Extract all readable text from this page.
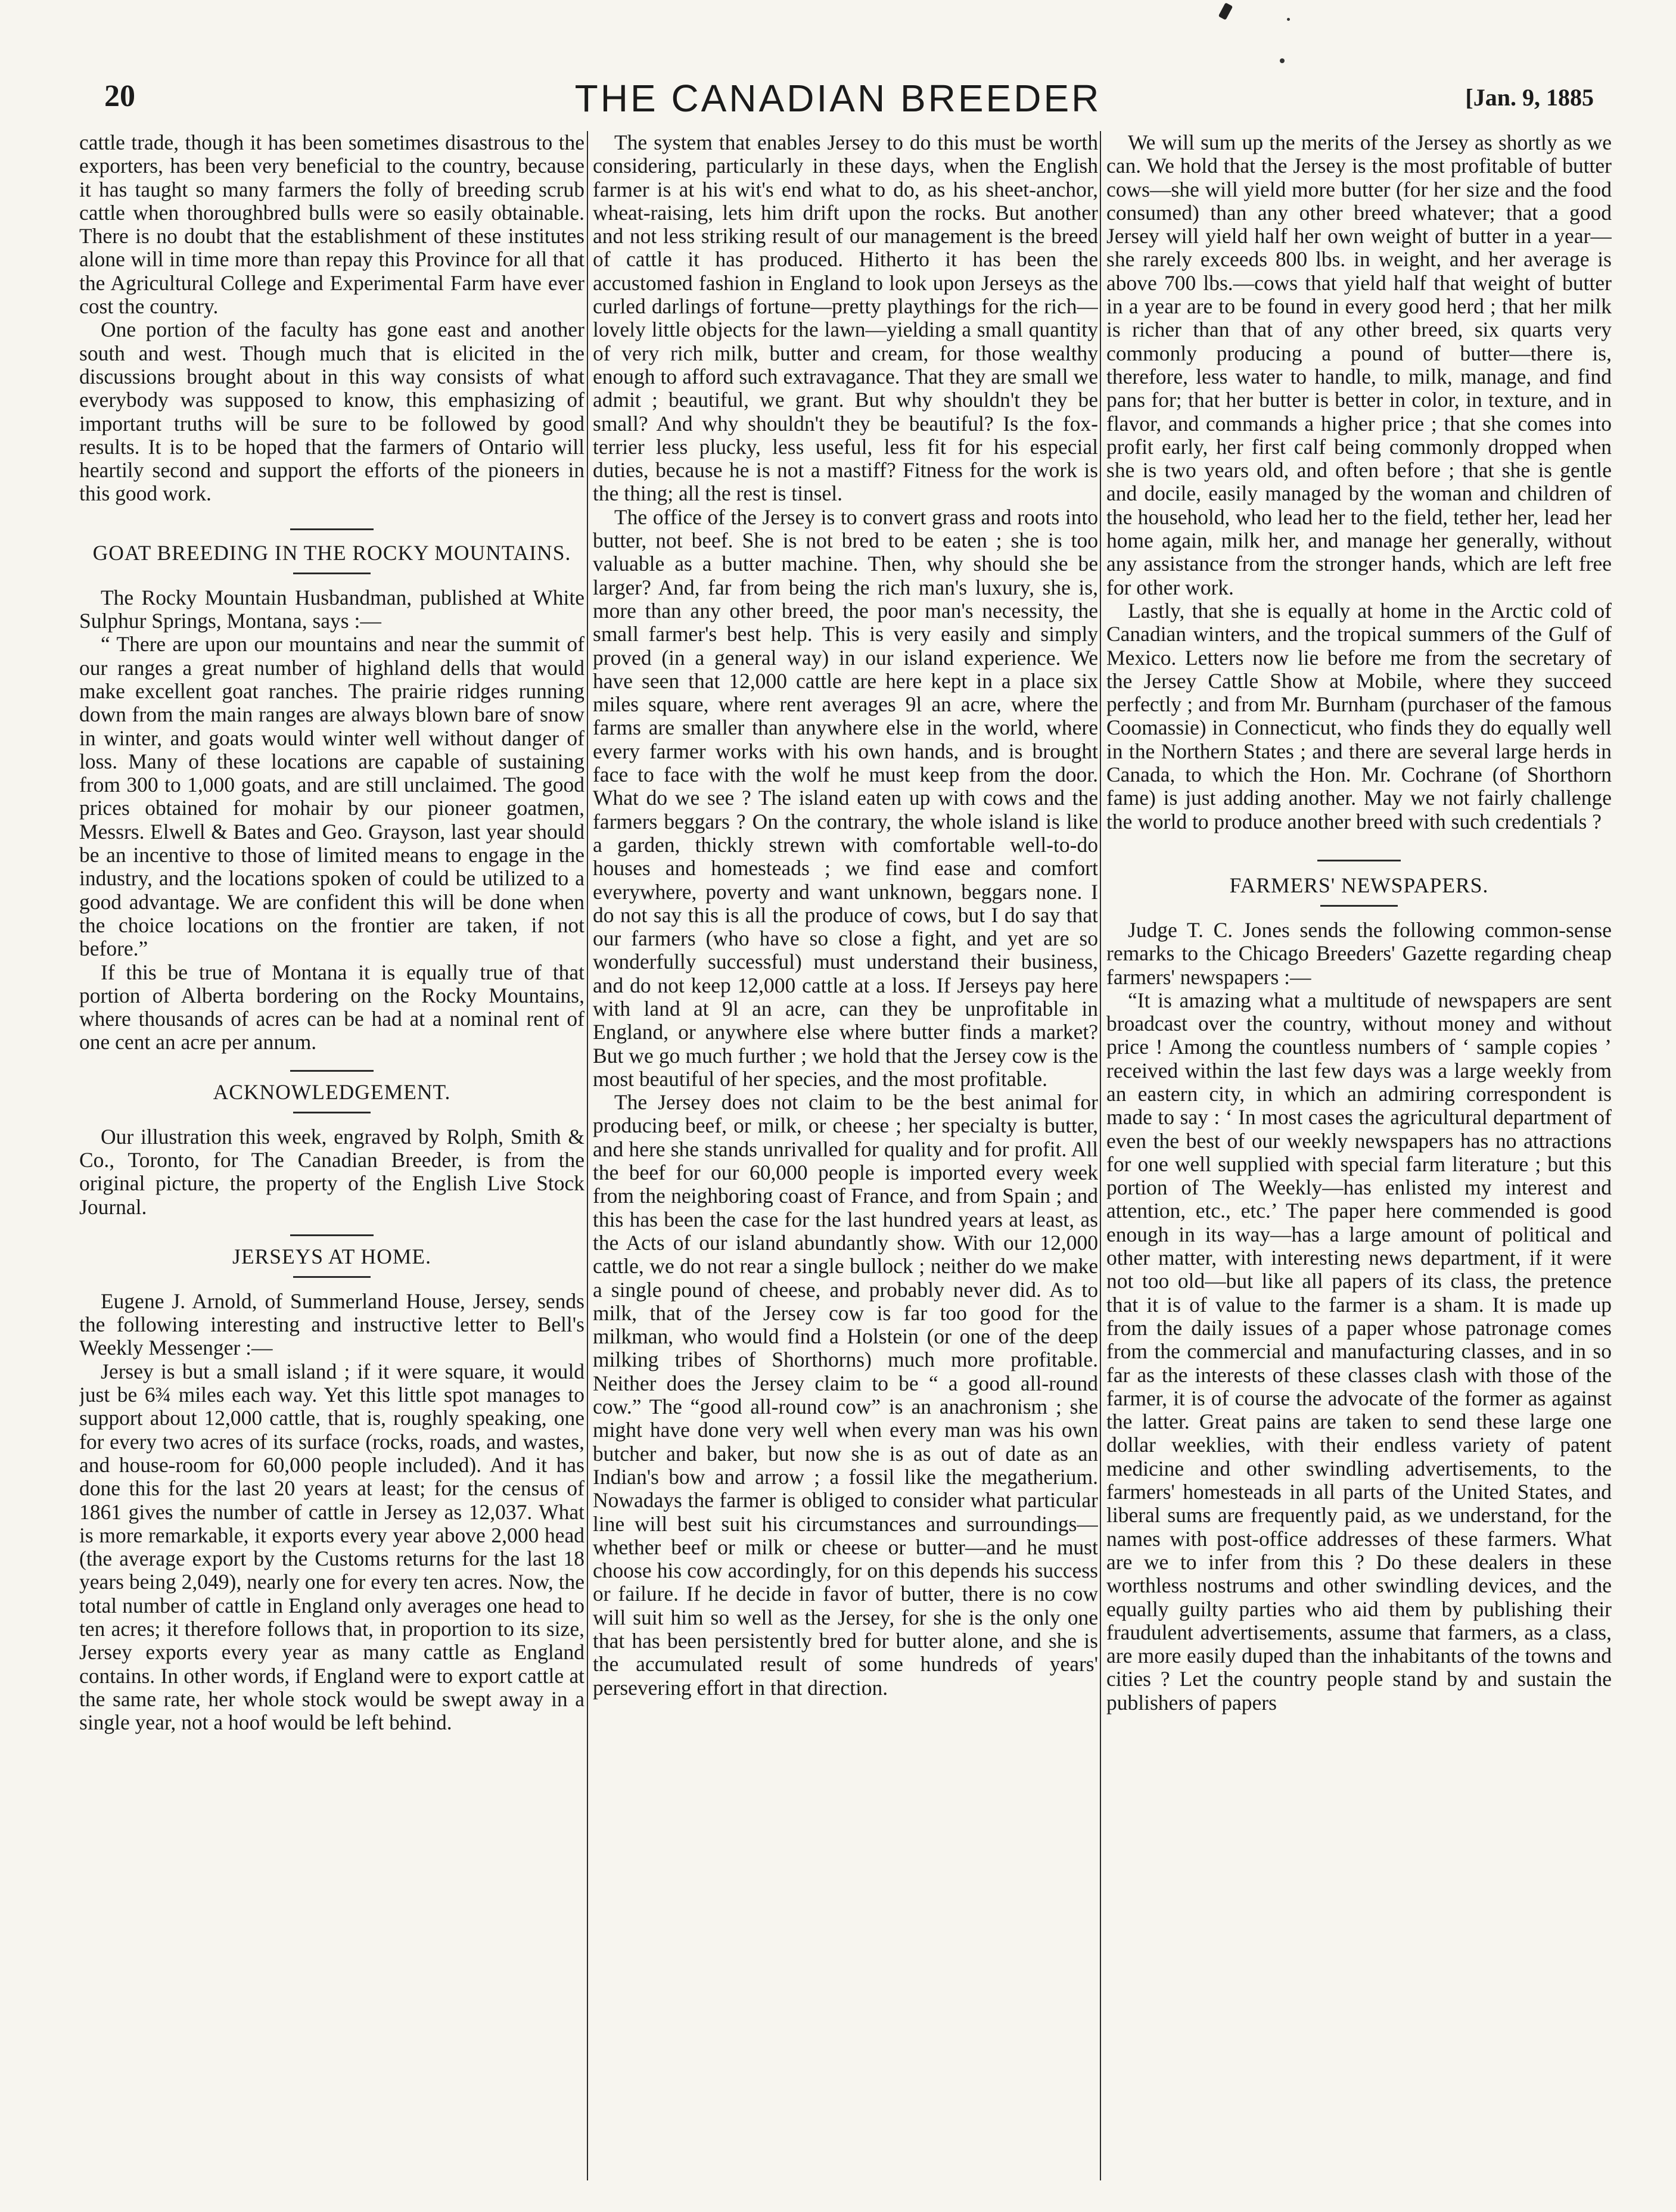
20	THE CANADIAN BREEDER	[Jan. 9, 1885

cattle trade, though it has been sometimes disastrous to the exporters, has been very beneficial to the country, because it has taught so many farmers the folly of breeding scrub cattle when thoroughbred bulls were so easily obtainable. There is no doubt that the establishment of these institutes alone will in time more than repay this Province for all that the Agricultural College and Experimental Farm have ever cost the country.

One portion of the faculty has gone east and another south and west. Though much that is elicited in the discussions brought about in this way consists of what everybody was supposed to know, this emphasizing of important truths will be sure to be followed by good results. It is to be hoped that the farmers of Ontario will heartily second and support the efforts of the pioneers in this good work.

GOAT BREEDING IN THE ROCKY MOUNTAINS.

The Rocky Mountain Husbandman, published at White Sulphur Springs, Montana, says :—

“ There are upon our mountains and near the summit of our ranges a great number of highland dells that would make excellent goat ranches. The prairie ridges running down from the main ranges are always blown bare of snow in winter, and goats would winter well without danger of loss. Many of these locations are capable of sustaining from 300 to 1,000 goats, and are still unclaimed. The good prices obtained for mohair by our pioneer goatmen, Messrs. Elwell & Bates and Geo. Grayson, last year should be an incentive to those of limited means to engage in the industry, and the locations spoken of could be utilized to a good advantage. We are confident this will be done when the choice locations on the frontier are taken, if not before.”

If this be true of Montana it is equally true of that portion of Alberta bordering on the Rocky Mountains, where thousands of acres can be had at a nominal rent of one cent an acre per annum.

ACKNOWLEDGEMENT.

Our illustration this week, engraved by Rolph, Smith & Co., Toronto, for The Canadian Breeder, is from the original picture, the property of the English Live Stock Journal.

JERSEYS AT HOME.

Eugene J. Arnold, of Summerland House, Jersey, sends the following interesting and instructive letter to Bell's Weekly Messenger :—

Jersey is but a small island ; if it were square, it would just be 6¾ miles each way. Yet this little spot manages to support about 12,000 cattle, that is, roughly speaking, one for every two acres of its surface (rocks, roads, and wastes, and house-room for 60,000 people included). And it has done this for the last 20 years at least; for the census of 1861 gives the number of cattle in Jersey as 12,037. What is more remarkable, it exports every year above 2,000 head (the average export by the Customs returns for the last 18 years being 2,049), nearly one for every ten acres. Now, the total number of cattle in England only averages one head to ten acres; it therefore follows that, in proportion to its size, Jersey exports every year as many cattle as England contains. In other words, if England were to export cattle at the same rate, her whole stock would be swept away in a single year, not a hoof would be left behind.

The system that enables Jersey to do this must be worth considering, particularly in these days, when the English farmer is at his wit's end what to do, as his sheet-anchor, wheat-raising, lets him drift upon the rocks. But another and not less striking result of our management is the breed of cattle it has produced. Hitherto it has been the accustomed fashion in England to look upon Jerseys as the curled darlings of fortune—pretty playthings for the rich—lovely little objects for the lawn—yielding a small quantity of very rich milk, butter and cream, for those wealthy enough to afford such extravagance. That they are small we admit ; beautiful, we grant. But why shouldn't they be small? And why shouldn't they be beautiful? Is the fox-terrier less plucky, less useful, less fit for his especial duties, because he is not a mastiff? Fitness for the work is the thing; all the rest is tinsel.

The office of the Jersey is to convert grass and roots into butter, not beef. She is not bred to be eaten ; she is too valuable as a butter machine. Then, why should she be larger? And, far from being the rich man's luxury, she is, more than any other breed, the poor man's necessity, the small farmer's best help. This is very easily and simply proved (in a general way) in our island experience. We have seen that 12,000 cattle are here kept in a place six miles square, where rent averages 9l an acre, where the farms are smaller than anywhere else in the world, where every farmer works with his own hands, and is brought face to face with the wolf he must keep from the door. What do we see ? The island eaten up with cows and the farmers beggars ? On the contrary, the whole island is like a garden, thickly strewn with comfortable well-to-do houses and homesteads ; we find ease and comfort everywhere, poverty and want unknown, beggars none. I do not say this is all the produce of cows, but I do say that our farmers (who have so close a fight, and yet are so wonderfully successful) must understand their business, and do not keep 12,000 cattle at a loss. If Jerseys pay here with land at 9l an acre, can they be unprofitable in England, or anywhere else where butter finds a market? But we go much further ; we hold that the Jersey cow is the most beautiful of her species, and the most profitable.

The Jersey does not claim to be the best animal for producing beef, or milk, or cheese ; her specialty is butter, and here she stands unrivalled for quality and for profit. All the beef for our 60,000 people is imported every week from the neighboring coast of France, and from Spain ; and this has been the case for the last hundred years at least, as the Acts of our island abundantly show. With our 12,000 cattle, we do not rear a single bullock ; neither do we make a single pound of cheese, and probably never did. As to milk, that of the Jersey cow is far too good for the milkman, who would find a Holstein (or one of the deep milking tribes of Shorthorns) much more profitable. Neither does the Jersey claim to be “ a good all-round cow.” The “good all-round cow” is an anachronism ; she might have done very well when every man was his own butcher and baker, but now she is as out of date as an Indian's bow and arrow ; a fossil like the megatherium. Nowadays the farmer is obliged to consider what particular line will best suit his circumstances and surroundings—whether beef or milk or cheese or butter—and he must choose his cow accordingly, for on this depends his success or failure. If he decide in favor of butter, there is no cow will suit him so well as the Jersey, for she is the only one that has been persistently bred for butter alone, and she is the accumulated result of some hundreds of years' persevering effort in that direction.

We will sum up the merits of the Jersey as shortly as we can. We hold that the Jersey is the most profitable of butter cows—she will yield more butter (for her size and the food consumed) than any other breed whatever; that a good Jersey will yield half her own weight of butter in a year—she rarely exceeds 800 lbs. in weight, and her average is above 700 lbs.—cows that yield half that weight of butter in a year are to be found in every good herd ; that her milk is richer than that of any other breed, six quarts very commonly producing a pound of butter—there is, therefore, less water to handle, to milk, manage, and find pans for; that her butter is better in color, in texture, and in flavor, and commands a higher price ; that she comes into profit early, her first calf being commonly dropped when she is two years old, and often before ; that she is gentle and docile, easily managed by the woman and children of the household, who lead her to the field, tether her, lead her home again, milk her, and manage her generally, without any assistance from the stronger hands, which are left free for other work.

Lastly, that she is equally at home in the Arctic cold of Canadian winters, and the tropical summers of the Gulf of Mexico. Letters now lie before me from the secretary of the Jersey Cattle Show at Mobile, where they succeed perfectly ; and from Mr. Burnham (purchaser of the famous Coomassie) in Connecticut, who finds they do equally well in the Northern States ; and there are several large herds in Canada, to which the Hon. Mr. Cochrane (of Shorthorn fame) is just adding another. May we not fairly challenge the world to produce another breed with such credentials ?

FARMERS' NEWSPAPERS.

Judge T. C. Jones sends the following common-sense remarks to the Chicago Breeders' Gazette regarding cheap farmers' newspapers :—

“It is amazing what a multitude of newspapers are sent broadcast over the country, without money and without price ! Among the countless numbers of ‘ sample copies ’ received within the last few days was a large weekly from an eastern city, in which an admiring correspondent is made to say : ‘ In most cases the agricultural department of even the best of our weekly newspapers has no attractions for one well supplied with special farm literature ; but this portion of The Weekly—has enlisted my interest and attention, etc., etc.’ The paper here commended is good enough in its way—has a large amount of political and other matter, with interesting news department, if it were not too old—but like all papers of its class, the pretence that it is of value to the farmer is a sham. It is made up from the daily issues of a paper whose patronage comes from the commercial and manufacturing classes, and in so far as the interests of these classes clash with those of the farmer, it is of course the advocate of the former as against the latter. Great pains are taken to send these large one dollar weeklies, with their endless variety of patent medicine and other swindling advertisements, to the farmers' homesteads in all parts of the United States, and liberal sums are frequently paid, as we understand, for the names with post-office addresses of these farmers. What are we to infer from this ? Do these dealers in these worthless nostrums and other swindling devices, and the equally guilty parties who aid them by publishing their fraudulent advertisements, assume that farmers, as a class, are more easily duped than the inhabitants of the towns and cities ? Let the country people stand by and sustain the publishers of papers
